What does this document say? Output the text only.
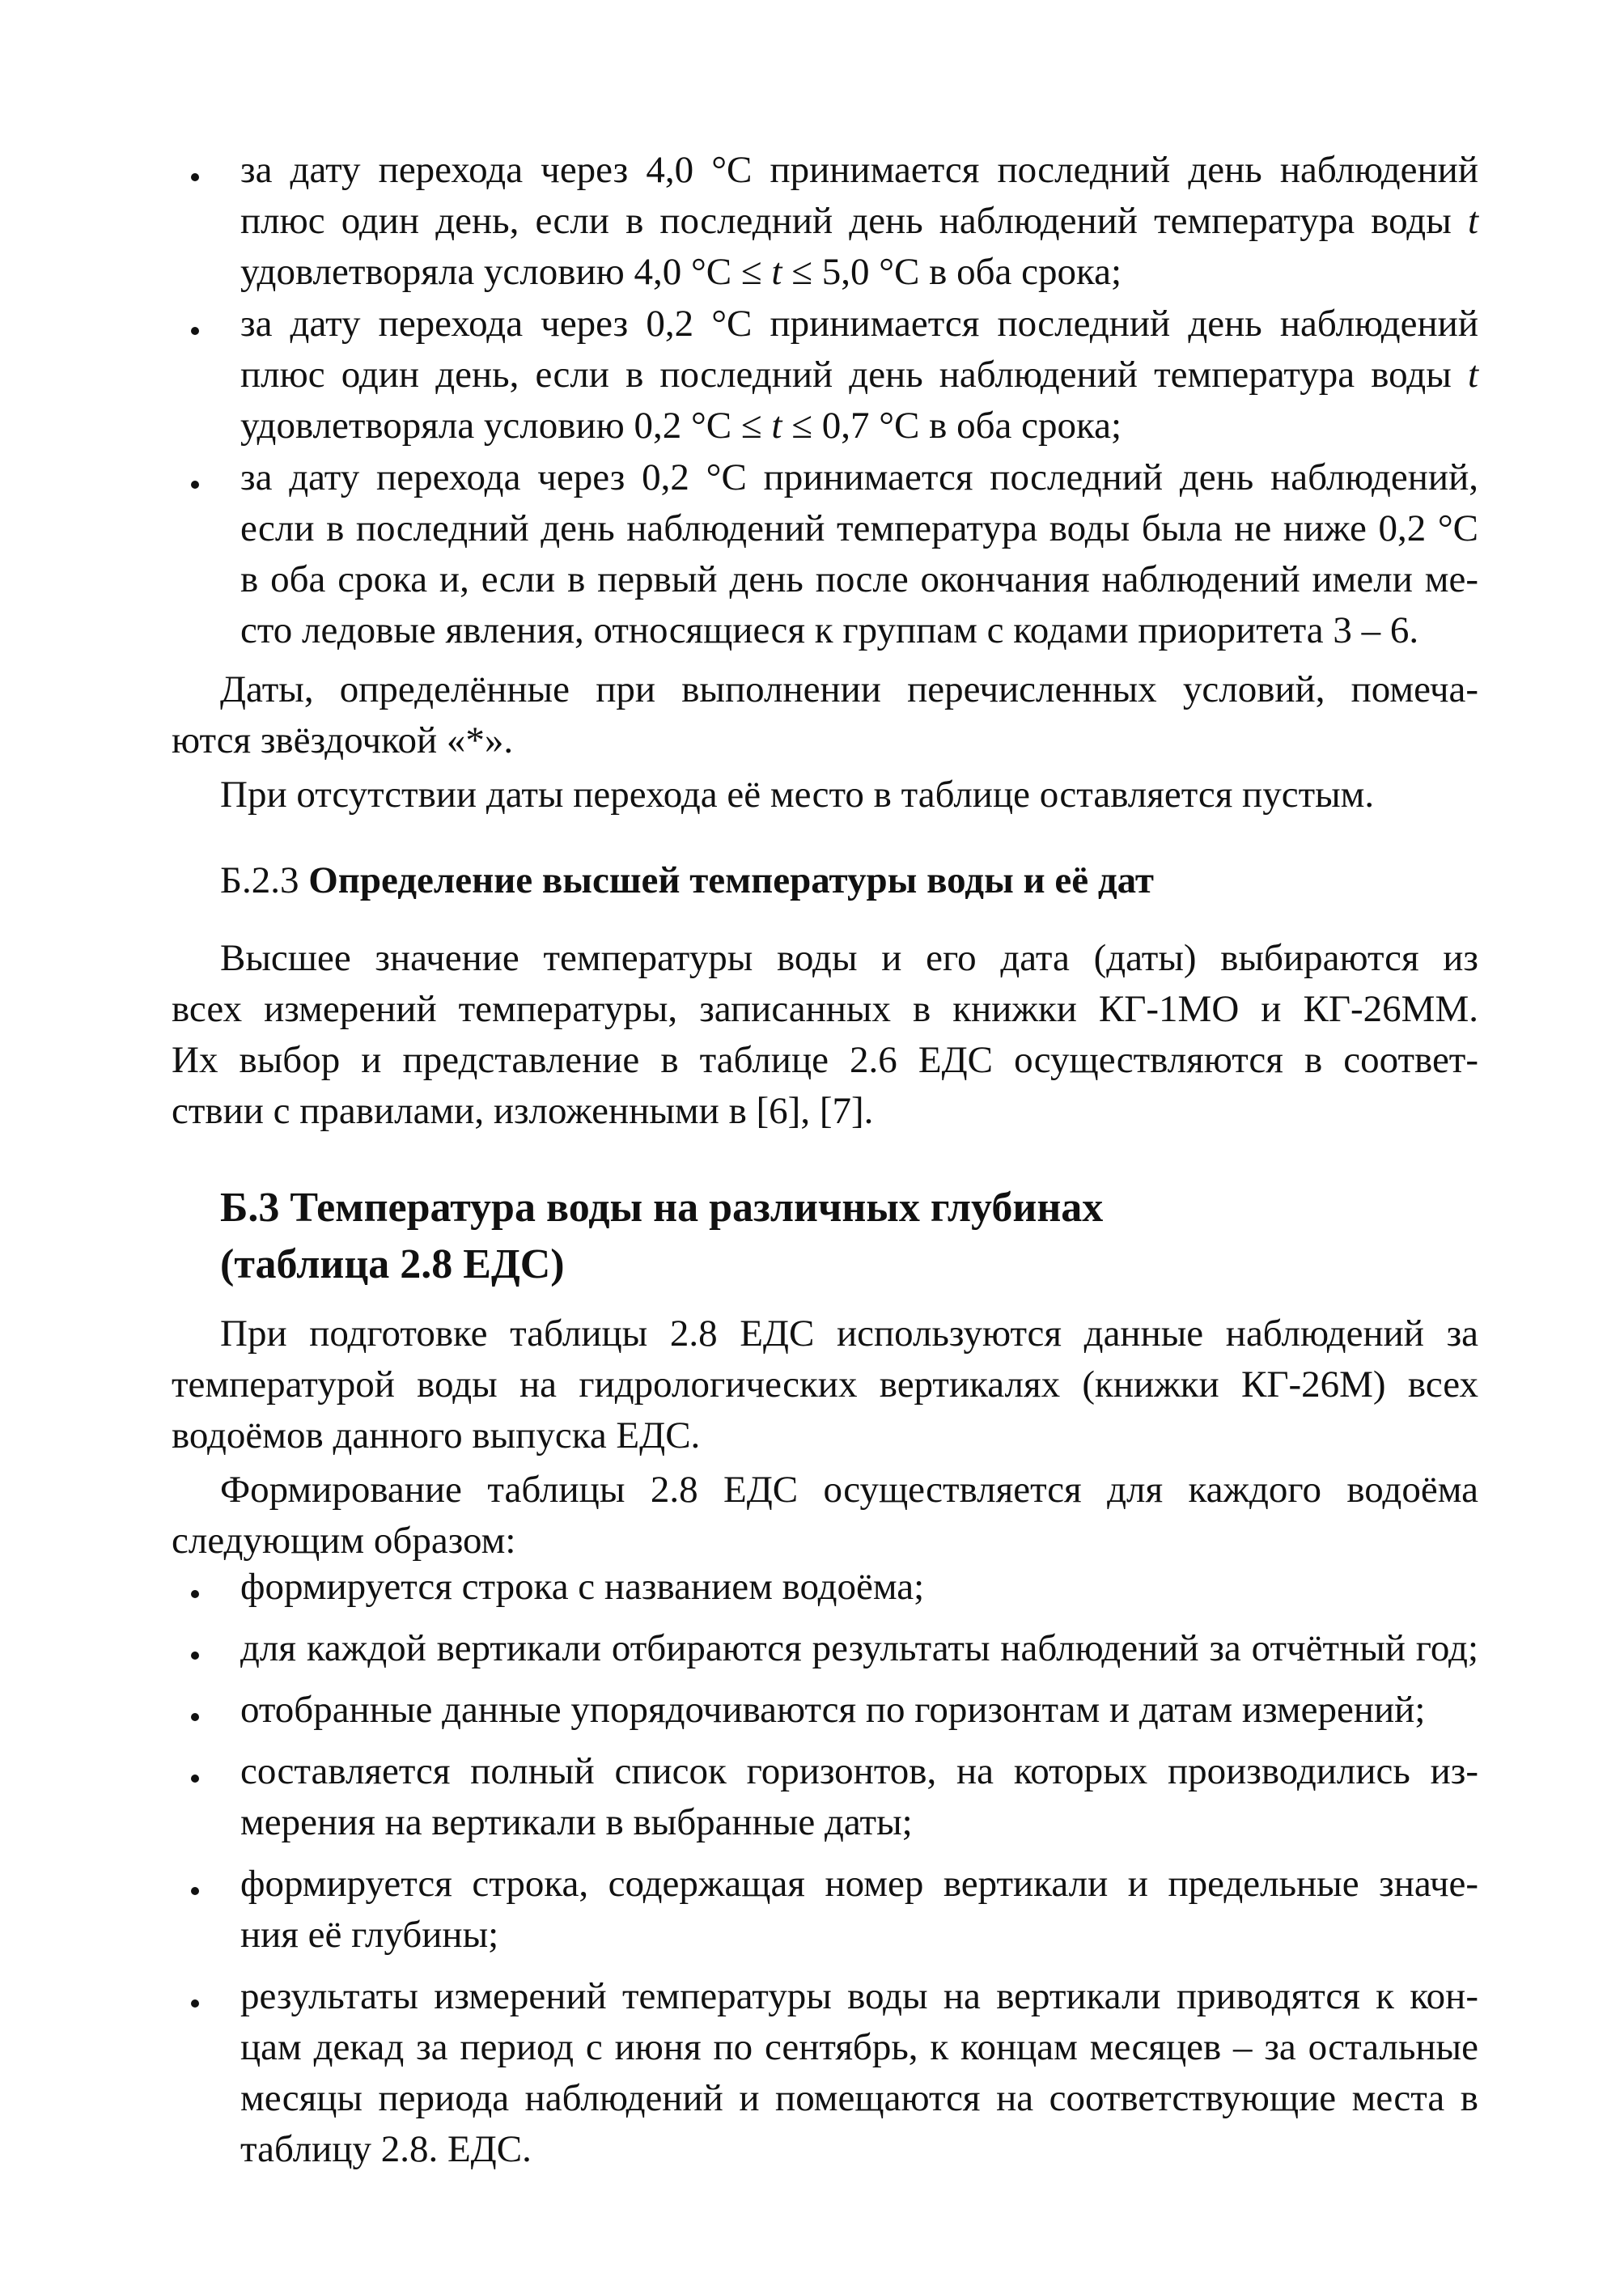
за дату перехода через 4,0 °C принимается последний день наблюдений
плюс один день, если в последний день наблюдений температура воды t
удовлетворяла условию 4,0 °C ≤ t ≤ 5,0 °C в оба срока;
за дату перехода через 0,2 °C принимается последний день наблюдений
плюс один день, если в последний день наблюдений температура воды t
удовлетворяла условию 0,2 °C ≤ t ≤ 0,7 °C в оба срока;
за дату перехода через 0,2 °C принимается последний день наблюдений,
если в последний день наблюдений температура воды была не ниже 0,2 °C
в оба срока и, если в первый день после окончания наблюдений имели ме-
сто ледовые явления, относящиеся к группам с кодами приоритета 3 – 6.
Даты, определённые при выполнении перечисленных условий, помеча-
ются звёздочкой «*».
При отсутствии даты перехода её место в таблице оставляется пустым.
Б.2.3 Определение высшей температуры воды и её дат
Высшее значение температуры воды и его дата (даты) выбираются из
всех измерений температуры, записанных в книжки КГ-1МО и КГ-26ММ.
Их выбор и представление в таблице 2.6 ЕДС осуществляются в соответ-
ствии с правилами, изложенными в [6], [7].
Б.3 Температура воды на различных глубинах
(таблица 2.8 ЕДС)
При подготовке таблицы 2.8 ЕДС используются данные наблюдений за
температурой воды на гидрологических вертикалях (книжки КГ-26М) всех
водоёмов данного выпуска ЕДС.
Формирование таблицы 2.8 ЕДС осуществляется для каждого водоёма
следующим образом:
формируется строка с названием водоёма;
для каждой вертикали отбираются результаты наблюдений за отчётный год;
отобранные данные упорядочиваются по горизонтам и датам измерений;
составляется полный список горизонтов, на которых производились из-
мерения на вертикали в выбранные даты;
формируется строка, содержащая номер вертикали и предельные значе-
ния её глубины;
результаты измерений температуры воды на вертикали приводятся к кон-
цам декад за период с июня по сентябрь, к концам месяцев – за остальные
месяцы периода наблюдений и помещаются на соответствующие места в
таблицу 2.8. ЕДС.
